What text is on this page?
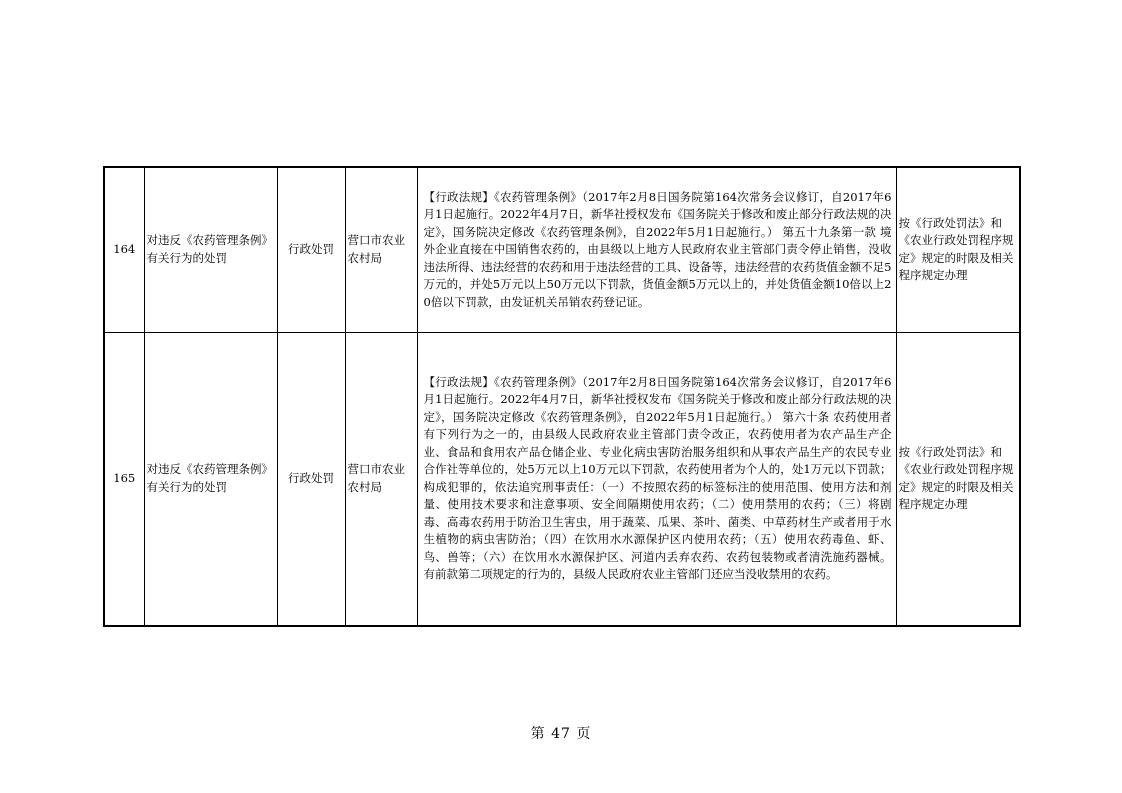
164	对违反《农药管理条例》有关行为的处罚	行政处罚	营口市农业农村局	【行政法规】《农药管理条例》（2017年2月8日国务院第164次常务会议修订，自2017年6月1日起施行。2022年4月7日，新华社授权发布《国务院关于修改和废止部分行政法规的决定》，国务院决定修改《农药管理条例》，自2022年5月1日起施行。） 第五十九条第一款 境外企业直接在中国销售农药的，由县级以上地方人民政府农业主管部门责令停止销售，没收违法所得、违法经营的农药和用于违法经营的工具、设备等，违法经营的农药货值金额不足5万元的，并处5万元以上50万元以下罚款，货值金额5万元以上的，并处货值金额10倍以上20倍以下罚款，由发证机关吊销农药登记证。	按《行政处罚法》和《农业行政处罚程序规定》规定的时限及相关程序规定办理
165	对违反《农药管理条例》有关行为的处罚	行政处罚	营口市农业农村局	【行政法规】《农药管理条例》（2017年2月8日国务院第164次常务会议修订，自2017年6月1日起施行。2022年4月7日，新华社授权发布《国务院关于修改和废止部分行政法规的决定》，国务院决定修改《农药管理条例》，自2022年5月1日起施行。） 第六十条 农药使用者有下列行为之一的，由县级人民政府农业主管部门责令改正，农药使用者为农产品生产企业、食品和食用农产品仓储企业、专业化病虫害防治服务组织和从事农产品生产的农民专业合作社等单位的，处5万元以上10万元以下罚款，农药使用者为个人的，处1万元以下罚款；构成犯罪的，依法追究刑事责任：（一）不按照农药的标签标注的使用范围、使用方法和剂量、使用技术要求和注意事项、安全间隔期使用农药；（二）使用禁用的农药；（三）将剧毒、高毒农药用于防治卫生害虫，用于蔬菜、瓜果、茶叶、菌类、中草药材生产或者用于水生植物的病虫害防治；（四）在饮用水水源保护区内使用农药；（五）使用农药毒鱼、虾、鸟、兽等；（六）在饮用水水源保护区、河道内丢弃农药、农药包装物或者清洗施药器械。 有前款第二项规定的行为的，县级人民政府农业主管部门还应当没收禁用的农药。	按《行政处罚法》和《农业行政处罚程序规定》规定的时限及相关程序规定办理
第 47 页
